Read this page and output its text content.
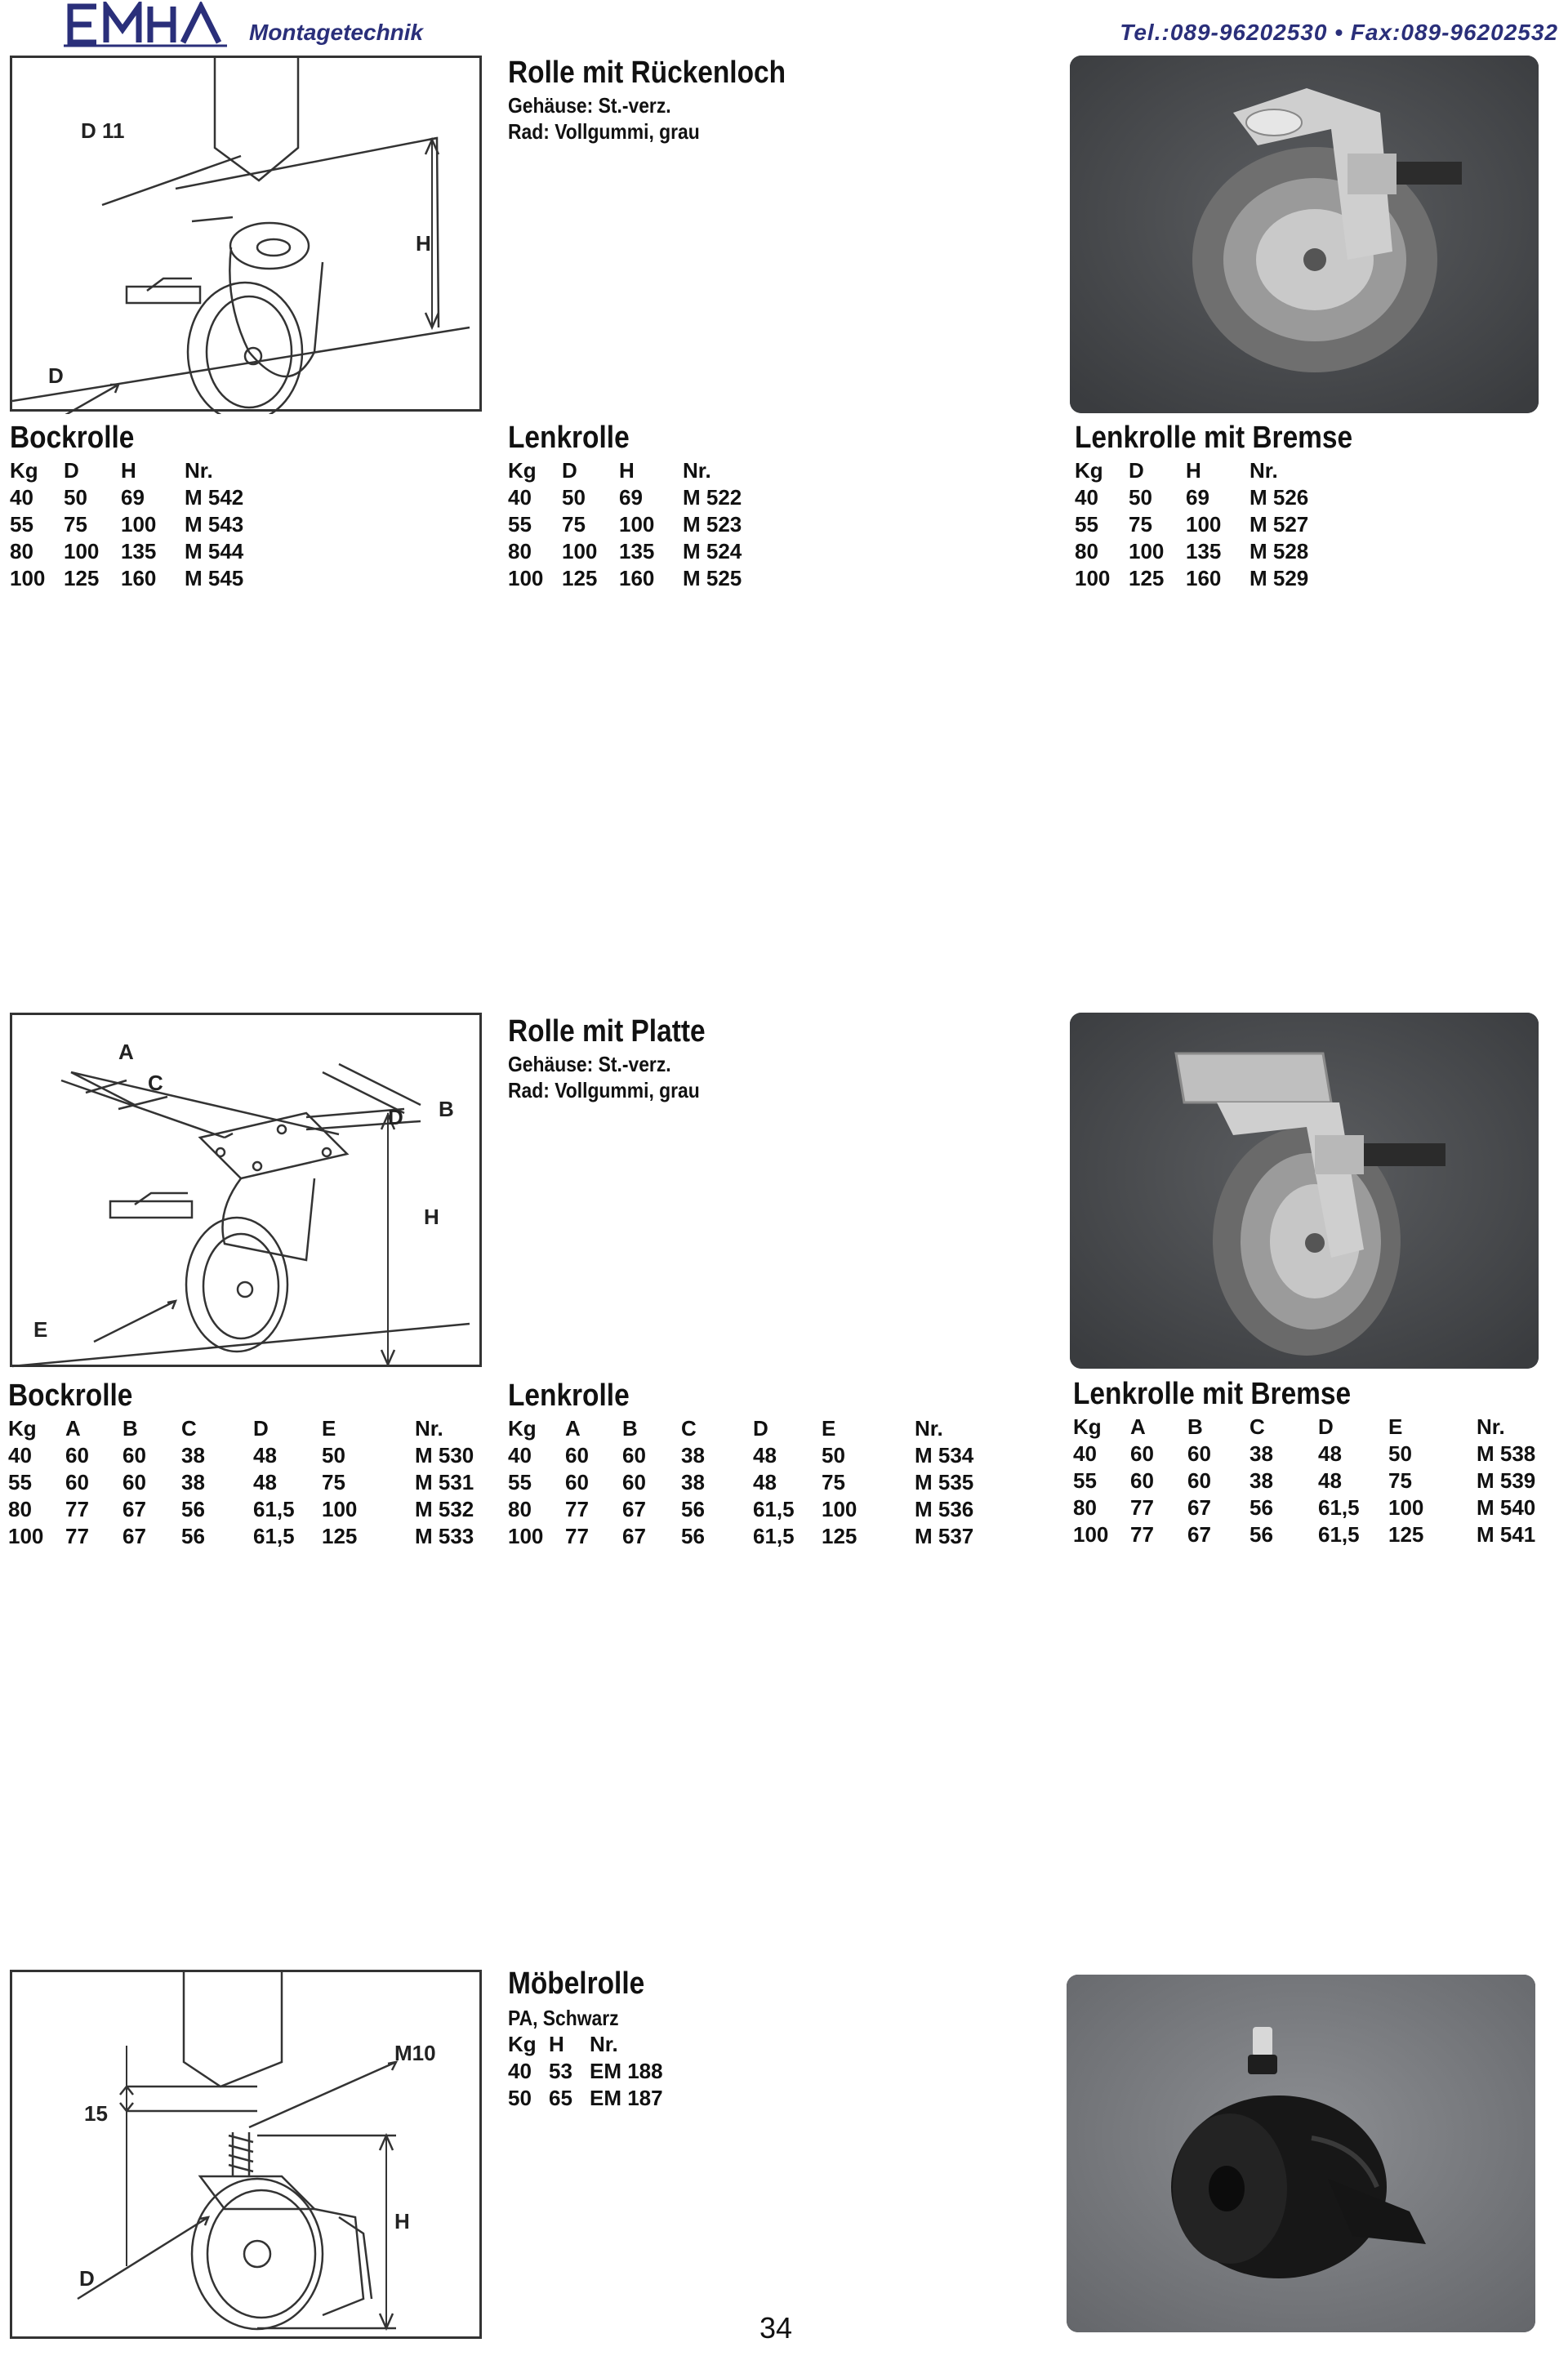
Montagetechnik	Tel.:089-96202530 • Fax:089-96202532
D 11
H
D
Rolle mit Rückenloch
Gehäuse: St.-verz.
Rad: Vollgummi, grau
Bockrolle
Kg	D	H	Nr.
40	50	69	M 542
55	75	100	M 543
80	100	135	M 544
100	125	160	M 545
Lenkrolle
Kg	D	H	Nr.
40	50	69	M 522
55	75	100	M 523
80	100	135	M 524
100	125	160	M 525
Lenkrolle mit Bremse
Kg	D	H	Nr.
40	50	69	M 526
55	75	100	M 527
80	100	135	M 528
100	125	160	M 529
A
C
D B
H
E
Rolle mit Platte
Gehäuse: St.-verz.
Rad: Vollgummi, grau
Bockrolle
Kg	A	B	C	D	E	Nr.
40	60	60	38	48	50	M 530
55	60	60	38	48	75	M 531
80	77	67	56	61,5	100	M 532
100	77	67	56	61,5	125	M 533
Lenkrolle
Kg	A	B	C	D	E	Nr.
40	60	60	38	48	50	M 534
55	60	60	38	48	75	M 535
80	77	67	56	61,5	100	M 536
100	77	67	56	61,5	125	M 537
Lenkrolle mit Bremse
Kg	A	B	C	D	E	Nr.
40	60	60	38	48	50	M 538
55	60	60	38	48	75	M 539
80	77	67	56	61,5	100	M 540
100	77	67	56	61,5	125	M 541
M10
15
H
D
Möbelrolle
PA, Schwarz
Kg	H	Nr.
40	53	EM 188
50	65	EM 187
34
